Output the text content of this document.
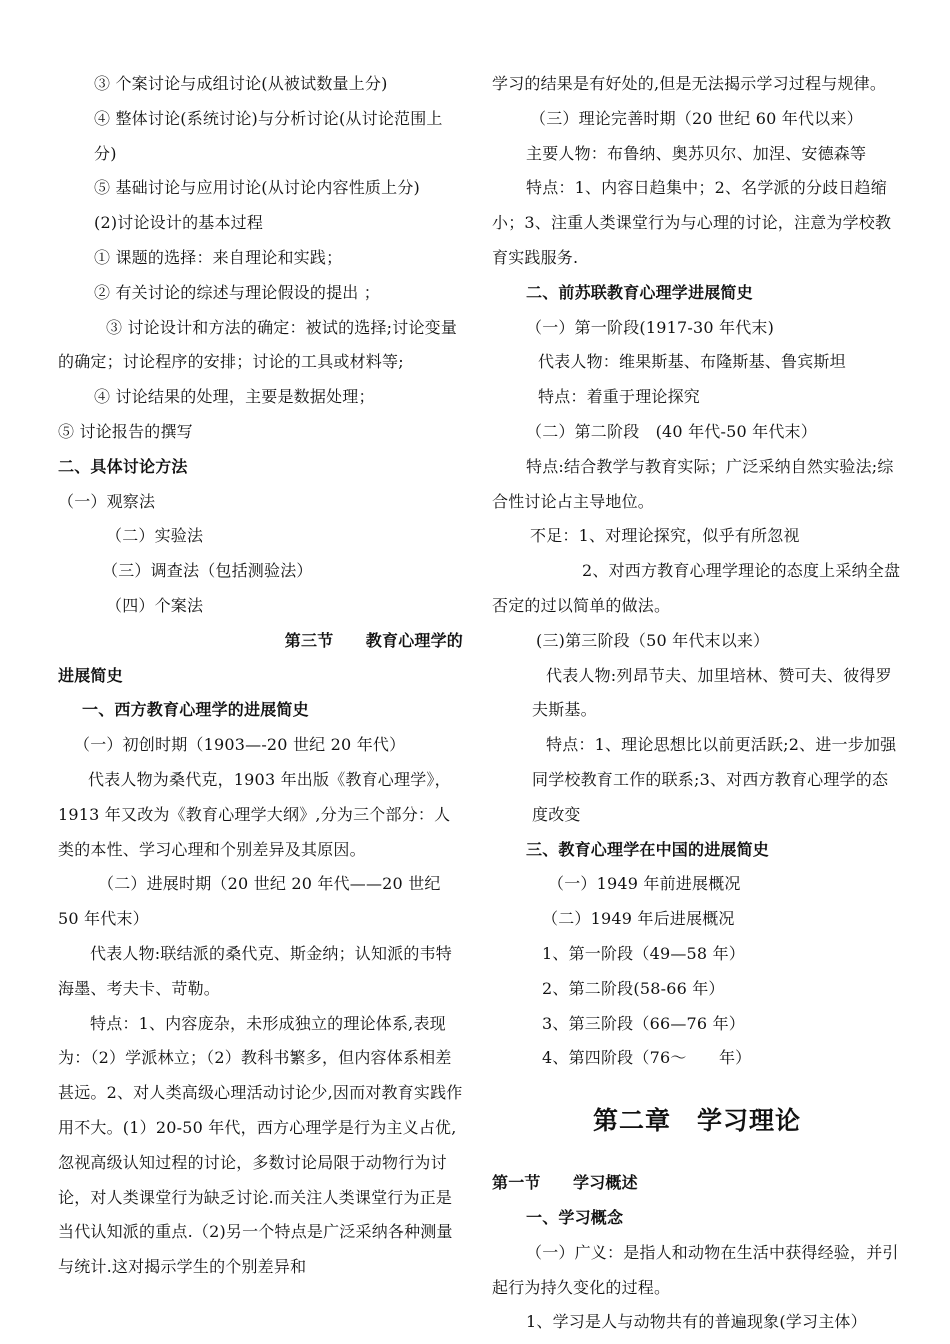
③ 个案讨论与成组讨论(从被试数量上分)

④ 整体讨论(系统讨论)与分析讨论(从讨论范围上分)

⑤ 基础讨论与应用讨论(从讨论内容性质上分)

(2)讨论设计的基本过程

① 课题的选择：来自理论和实践；

② 有关讨论的综述与理论假设的提出 ；

③ 讨论设计和方法的确定：被试的选择;讨论变量的确定；讨论程序的安排；讨论的工具或材料等;

④ 讨论结果的处理，主要是数据处理；

⑤ 讨论报告的撰写

二、具体讨论方法

（一）观察法

（二）实验法

（三）调查法（包括测验法）

（四）个案法

第三节　　教育心理学的

进展简史

一、西方教育心理学的进展简史

（一）初创时期（1903—-20 世纪 20 年代）

代表人物为桑代克，1903 年出版《教育心理学》，1913 年又改为《教育心理学大纲》,分为三个部分：人类的本性、学习心理和个别差异及其原因。

（二）进展时期（20 世纪 20 年代——20 世纪 50 年代末）

代表人物:联结派的桑代克、斯金纳；认知派的韦特海墨、考夫卡、苛勒。

特点：1、内容庞杂，未形成独立的理论体系,表现为：（2）学派林立；（2）教科书繁多，但内容体系相差甚远。2、对人类高级心理活动讨论少,因而对教育实践作用不大。(1）20-50 年代，西方心理学是行为主义占优,忽视高级认知过程的讨论，多数讨论局限于动物行为讨论，对人类课堂行为缺乏讨论.而关注人类课堂行为正是当代认知派的重点.（2)另一个特点是广泛采纳各种测量与统计.这对揭示学生的个别差异和

学习的结果是有好处的,但是无法揭示学习过程与规律。

（三）理论完善时期（20 世纪 60 年代以来）

主要人物：布鲁纳、奥苏贝尔、加涅、安德森等

特点：1、内容日趋集中；2、名学派的分歧日趋缩小；3、注重人类课堂行为与心理的讨论，注意为学校教育实践服务.

二、前苏联教育心理学进展简史

（一）第一阶段(1917-30 年代末)

代表人物：维果斯基、布隆斯基、鲁宾斯坦

特点：着重于理论探究

（二）第二阶段　(40 年代-50 年代末）

特点:结合教学与教育实际；广泛采纳自然实验法;综合性讨论占主导地位。

不足：1、对理论探究，似乎有所忽视

2、对西方教育心理学理论的态度上采纳全盘否定的过以简单的做法。

(三)第三阶段（50 年代末以来）

代表人物:列昂节夫、加里培林、赞可夫、彼得罗夫斯基。

特点：1、理论思想比以前更活跃;2、进一步加强同学校教育工作的联系;3、对西方教育心理学的态度改变

三、教育心理学在中国的进展简史

（一）1949 年前进展概况

（二）1949 年后进展概况

1、第一阶段（49—58 年）

2、第二阶段(58-66 年）

3、第三阶段（66—76 年）

4、第四阶段（76～　　年）

第二章　学习理论

第一节　　学习概述

一、学习概念

（一）广义：是指人和动物在生活中获得经验，并引起行为持久变化的过程。

1、学习是人与动物共有的普遍现象(学习主体）
